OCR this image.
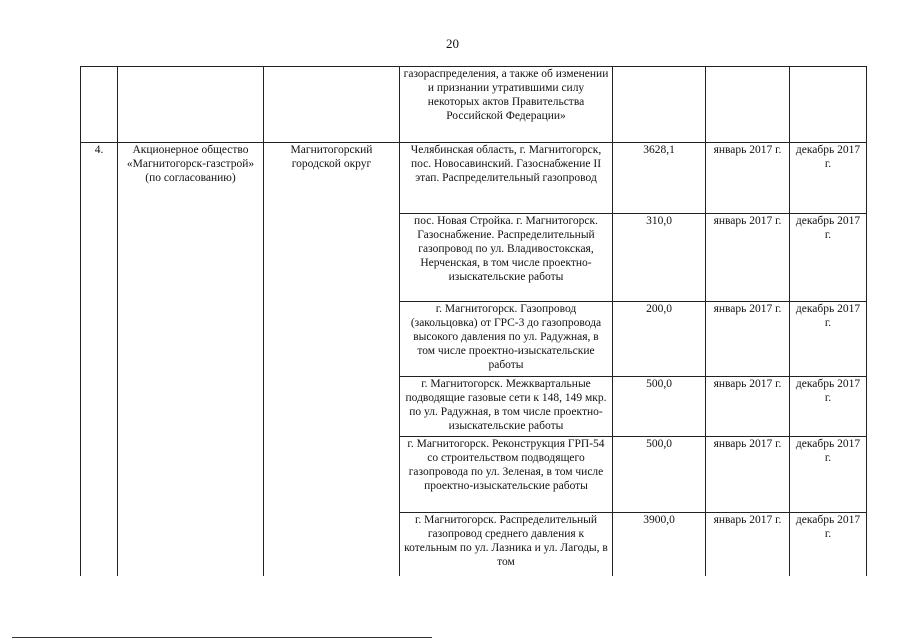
20
			газораспределения, а также об изменении и признании утратившими силу некоторых актов Правительства Российской Федерации»			
4.	Акционерное общество «Магнитогорск-газстрой» (по согласованию)	Магнитогорский городской округ	Челябинская область, г. Магнитогорск, пос. Новосавинский. Газоснабжение II этап. Распределительный газопровод	3628,1	январь 2017 г.	декабрь 2017 г.
			пос. Новая Стройка. г. Магнитогорск. Газоснабжение. Распределительный газопровод по ул. Владивостокская, Нерченская, в том числе проектно-изыскательские работы	310,0	январь 2017 г.	декабрь 2017 г.
			г. Магнитогорск. Газопровод (закольцовка) от ГРС-3 до газопровода высокого давления по ул. Радужная, в том числе проектно-изыскательские работы	200,0	январь 2017 г.	декабрь 2017 г.
			г. Магнитогорск. Межквартальные подводящие газовые сети к 148, 149 мкр. по ул. Радужная, в том числе проектно-изыскательские работы	500,0	январь 2017 г.	декабрь 2017 г.
			г. Магнитогорск. Реконструкция ГРП-54 со строительством подводящего газопровода по ул. Зеленая, в том числе проектно-изыскательские работы	500,0	январь 2017 г.	декабрь 2017 г.
			г. Магнитогорск. Распределительный газопровод среднего давления к котельным по ул. Лазника и ул. Лагоды, в том	3900,0	январь 2017 г.	декабрь 2017 г.
